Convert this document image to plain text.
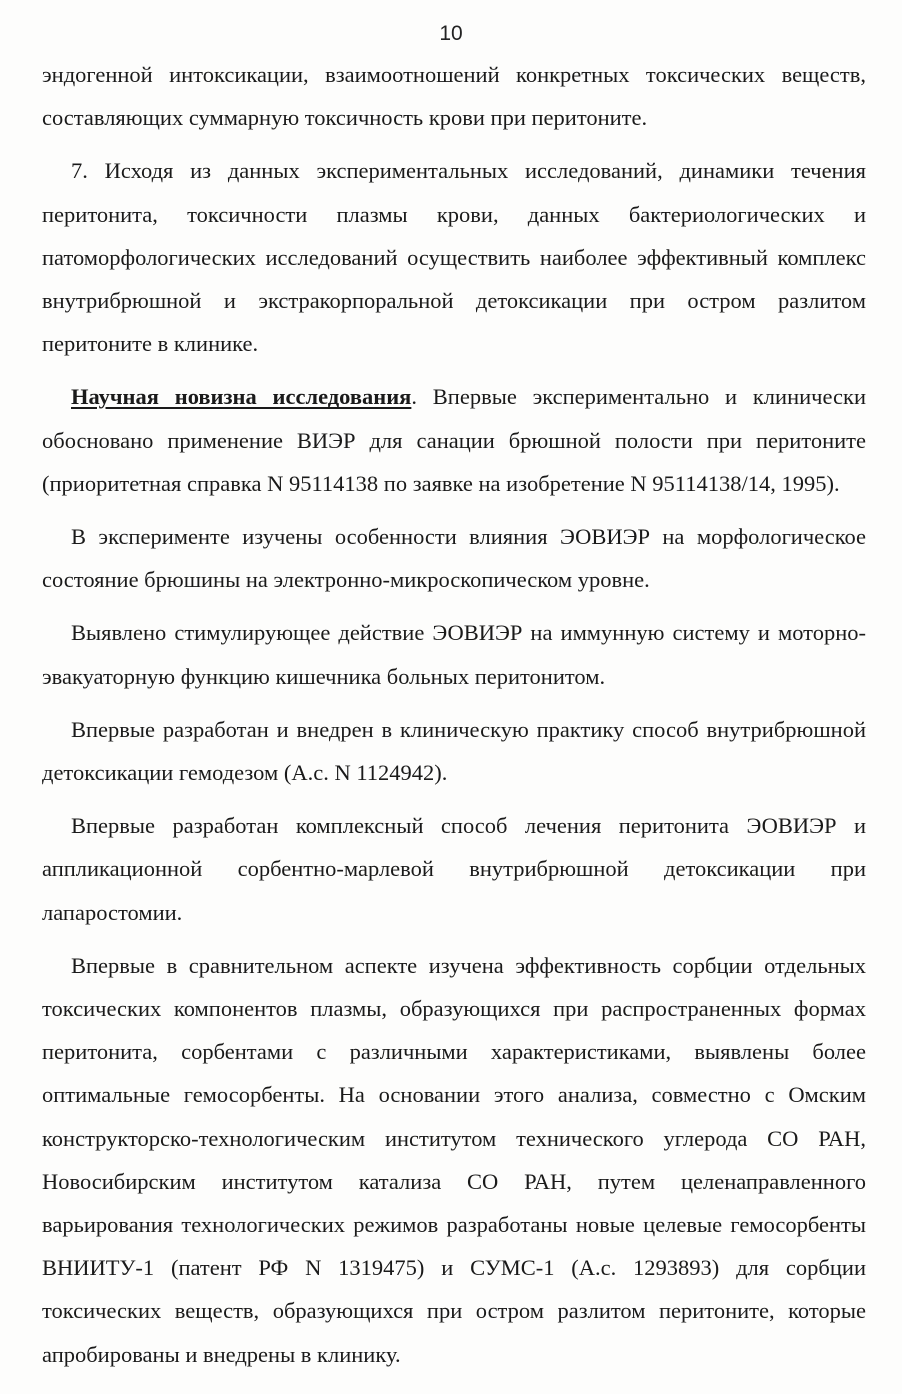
10

эндогенной интоксикации, взаимоотношений конкретных токсических веществ, составляющих суммарную токсичность крови при перитоните.

7. Исходя из данных экспериментальных исследований, динамики течения перитонита, токсичности плазмы крови, данных бактериологических и патоморфологических исследований осуществить наиболее эффективный комплекс внутрибрюшной и экстракорпоральной детоксикации при остром разлитом перитоните в клинике.

Научная новизна исследования. Впервые экспериментально и клинически обосновано применение ВИЭР для санации брюшной полости при перитоните (приоритетная справка N 95114138 по заявке на изобретение N 95114138/14, 1995).

В эксперименте изучены особенности влияния ЭОВИЭР на морфологическое состояние брюшины на электронно-микроскопическом уровне.

Выявлено стимулирующее действие ЭОВИЭР на иммунную систему и моторно-эвакуаторную функцию кишечника больных перитонитом.

Впервые разработан и внедрен в клиническую практику способ внутрибрюшной детоксикации гемодезом (А.с. N 1124942).

Впервые разработан комплексный способ лечения перитонита ЭОВИЭР и аппликационной сорбентно-марлевой внутрибрюшной детоксикации при лапаростомии.

Впервые в сравнительном аспекте изучена эффективность сорбции отдельных токсических компонентов плазмы, образующихся при распространенных формах перитонита, сорбентами с различными характеристиками, выявлены более оптимальные гемосорбенты. На основании этого анализа, совместно с Омским конструкторско-технологическим институтом технического углерода СО РАН, Новосибирским институтом катализа СО РАН, путем целенаправленного варьирования технологических режимов разработаны новые целевые гемосорбенты ВНИИТУ-1 (патент РФ N 1319475) и СУМС-1 (А.с. 1293893) для сорбции токсических веществ, образующихся при остром разлитом перитоните, которые апробированы и внедрены в клинику.
